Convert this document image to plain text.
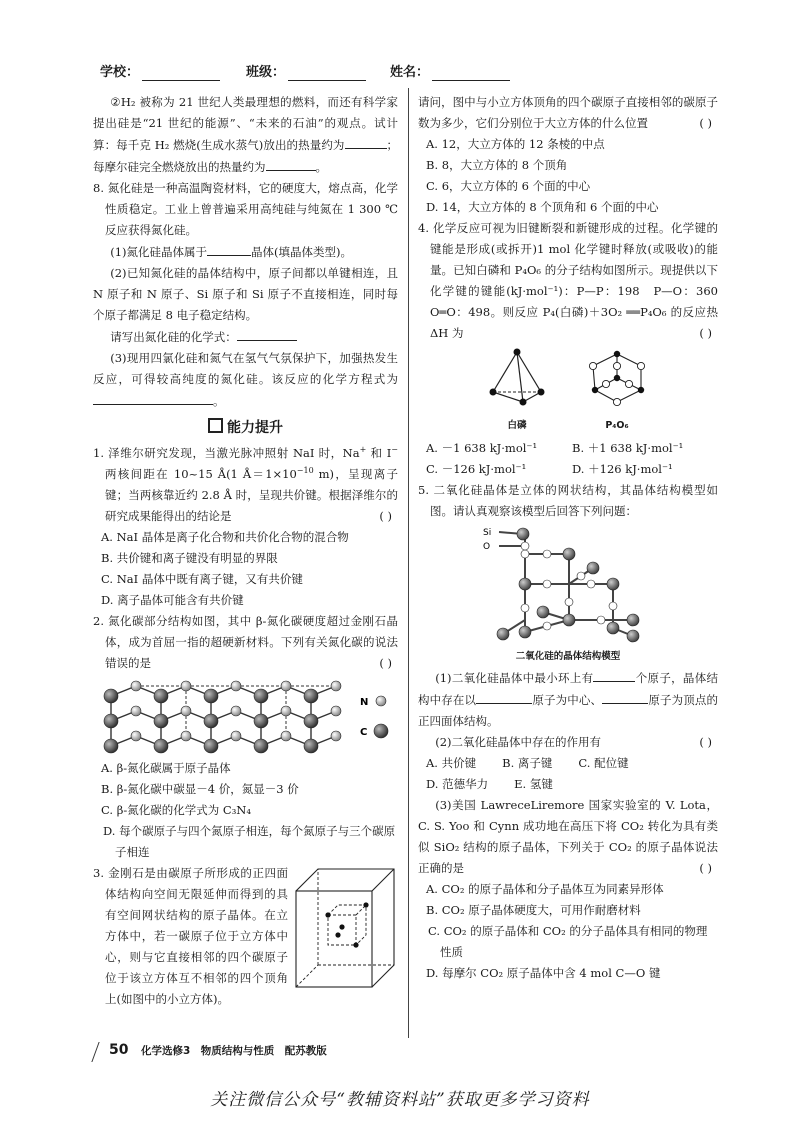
学校：	班级：	姓名：

②H₂ 被称为 21 世纪人类最理想的燃料，而还有科学家提出硅是“21 世纪的能源”、“未来的石油”的观点。试计算：每千克 H₂ 燃烧(生成水蒸气)放出的热量约为	；每摩尔硅完全燃烧放出的热量约为	。

8. 氮化硅是一种高温陶瓷材料，它的硬度大，熔点高，化学性质稳定。工业上曾普遍采用高纯硅与纯氮在 1 300 ℃反应获得氮化硅。

(1)氮化硅晶体属于	晶体(填晶体类型)。

(2)已知氮化硅的晶体结构中，原子间都以单键相连，且 N 原子和 N 原子、Si 原子和 Si 原子不直接相连，同时每个原子都满足 8 电子稳定结构。

请写出氮化硅的化学式：

(3)现用四氯化硅和氮气在氢气气氛保护下，加强热发生反应，可得较高纯度的氮化硅。该反应的化学方程式为。

能力提升

1. 泽维尔研究发现，当激光脉冲照射 NaI 时，Na+ 和 I− 两核间距在 10~15 Å(1 $Å=1\times 10^{-10}$ m)，呈现离子键；当两核靠近约 2.8 Å 时，呈现共价键。根据泽维尔的研究成果能得出的结论是	( )

A. NaI 晶体是离子化合物和共价化合物的混合物
B. 共价键和离子键没有明显的界限
C. NaI 晶体中既有离子键，又有共价键
D. 离子晶体可能含有共价键

2. 氮化碳部分结构如图，其中 β-氮化碳硬度超过金刚石晶体，成为首屈一指的超硬新材料。下列有关氮化碳的说法错误的是	( )

N
C
A. β-氮化碳属于原子晶体
B. β-氮化碳中碳显－4 价，氮显－3 价
C. β-氮化碳的化学式为 C₃N₄
D. 每个碳原子与四个氮原子相连，每个氮原子与三个碳原子相连

3. 金刚石是由碳原子所形成的正四面体结构向空间无限延伸而得到的具有空间网状结构的原子晶体。在立方体中，若一碳原子位于立方体中心，则与它直接相邻的四个碳原子位于该立方体互不相邻的四个顶角上(如图中的小立方体)。

请问，图中与小立方体顶角的四个碳原子直接相邻的碳原子数为多少，它们分别位于大立方体的什么位置	( )

A. 12，大立方体的 12 条棱的中点
B. 8，大立方体的 8 个顶角
C. 6，大立方体的 6 个面的中心
D. 14，大立方体的 8 个顶角和 6 个面的中心

4. 化学反应可视为旧键断裂和新键形成的过程。化学键的键能是形成(或拆开)1 mol 化学键时释放(或吸收)的能量。已知白磷和 P₄O₆ 的分子结构如图所示。现提供以下化学键的键能(kJ·mol⁻¹)：P—P：198　P—O：360　O═O：498。则反应 P₄(白磷)＋3O₂ ══P₄O₆ 的反应热 ΔH 为	( )

白磷	P₄O₆
A. －1 638 kJ·mol⁻¹	B. ＋1 638 kJ·mol⁻¹
C. －126 kJ·mol⁻¹	D. ＋126 kJ·mol⁻¹

5. 二氧化硅晶体是立体的网状结构，其晶体结构模型如图。请认真观察该模型后回答下列问题：

Si
O
二氧化硅的晶体结构模型

(1)二氧化硅晶体中最小环上有	个原子，晶体结构中存在以	原子为中心、	原子为顶点的正四面体结构。

(2)二氧化硅晶体中存在的作用有	( )

A. 共价键 B. 离子键 C. 配位键
D. 范德华力 E. 氢键

(3)美国 LawreceLiremore 国家实验室的 V. Lota，C. S. Yoo 和 Cynn 成功地在高压下将 CO₂ 转化为具有类似 SiO₂ 结构的原子晶体，下列关于 CO₂ 的原子晶体说法正确的是	( )

A. CO₂ 的原子晶体和分子晶体互为同素异形体
B. CO₂ 原子晶体硬度大，可用作耐磨材料
C. CO₂ 的原子晶体和 CO₂ 的分子晶体具有相同的物理性质
D. 每摩尔 CO₂ 原子晶体中含 4 mol C—O 键
50 化学选修3　物质结构与性质　配苏教版
关注微信公众号“教辅资料站”获取更多学习资料
